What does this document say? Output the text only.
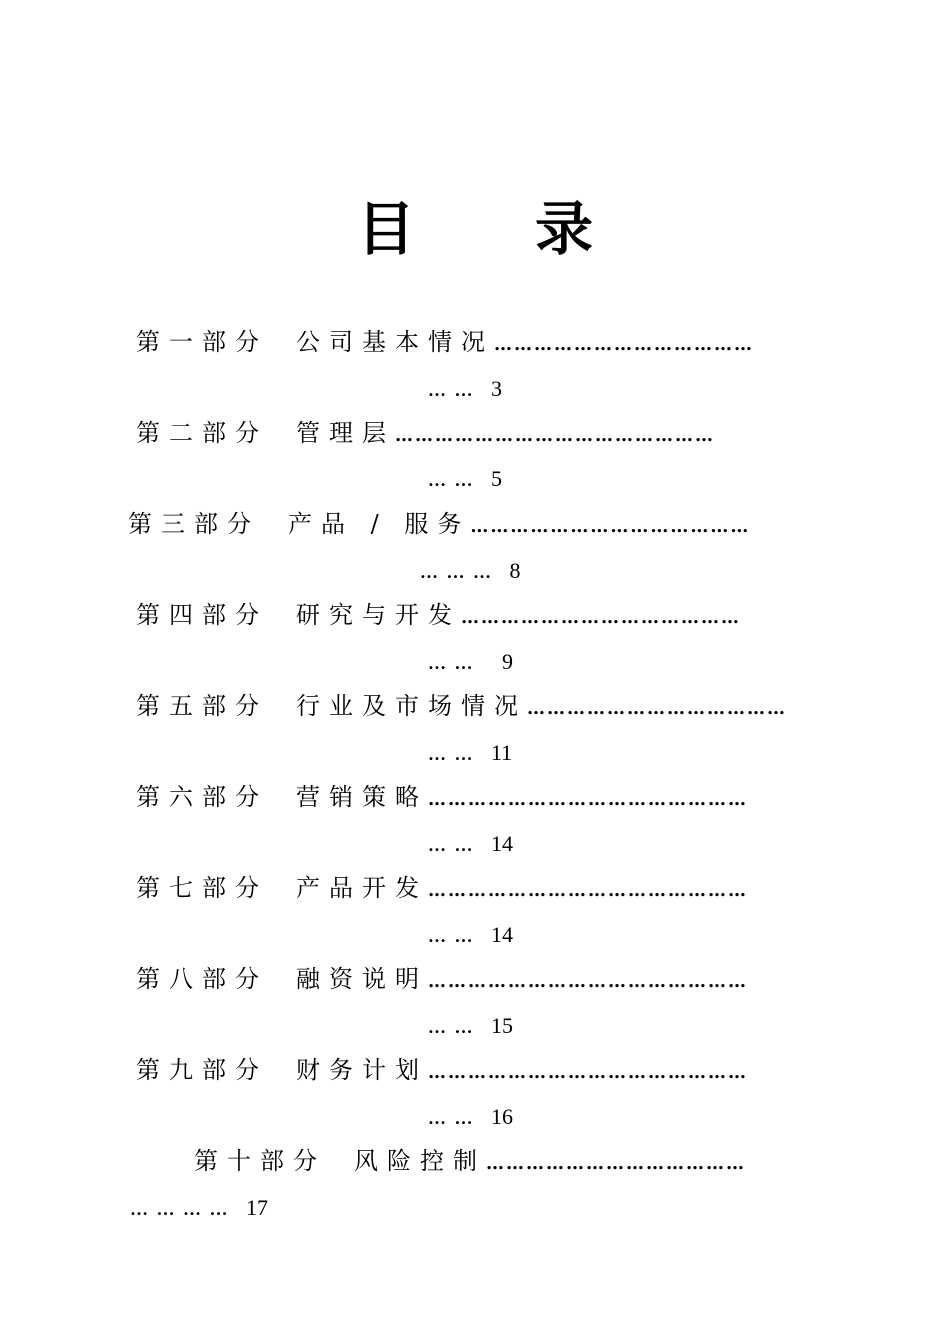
目 录
第一部分 公司基本情况…………………………………
… … 3
第二部分 管理层…………………………………………
… … 5
第三部分 产品 / 服务……………………………………
… … … 8
第四部分 研究与开发……………………………………
… … 9
第五部分 行业及市场情况…………………………………
… … 11
第六部分 营销策略…………………………………………
… … 14
第七部分 产品开发…………………………………………
… … 14
第八部分 融资说明…………………………………………
… … 15
第九部分 财务计划…………………………………………
… … 16
第十部分 风险控制…………………………………
… … … … 17
